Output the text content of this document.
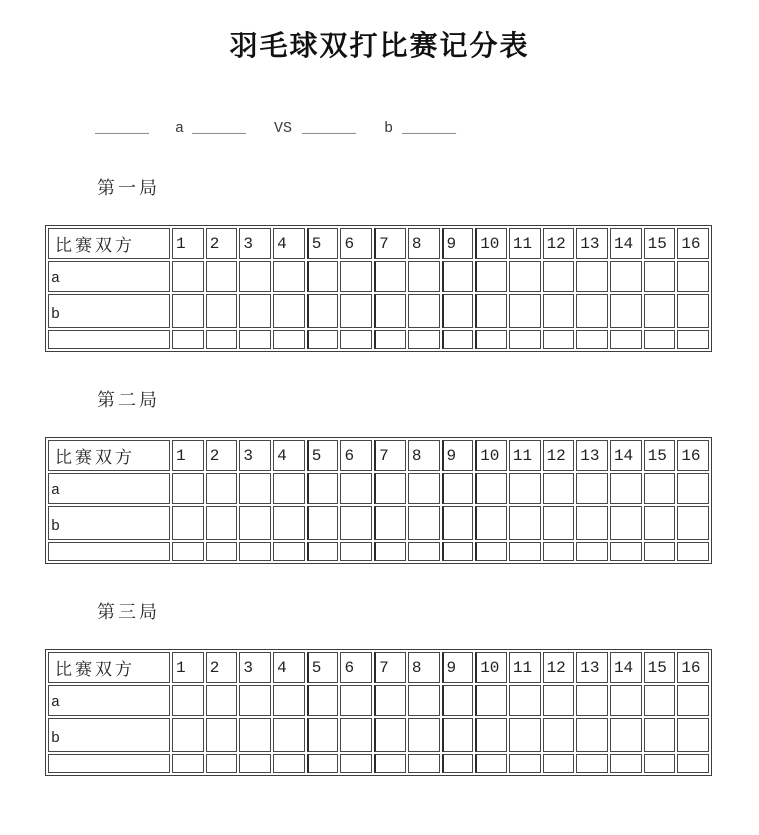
羽毛球双打比赛记分表
______ a ______ VS ______ b ______
第一局
比赛双方	1	2	3	4	5	6	7	8	9	10	11	12	13	14	15	16
a																
b																

第二局
比赛双方	1	2	3	4	5	6	7	8	9	10	11	12	13	14	15	16
a																
b																

第三局
比赛双方	1	2	3	4	5	6	7	8	9	10	11	12	13	14	15	16
a																
b																
